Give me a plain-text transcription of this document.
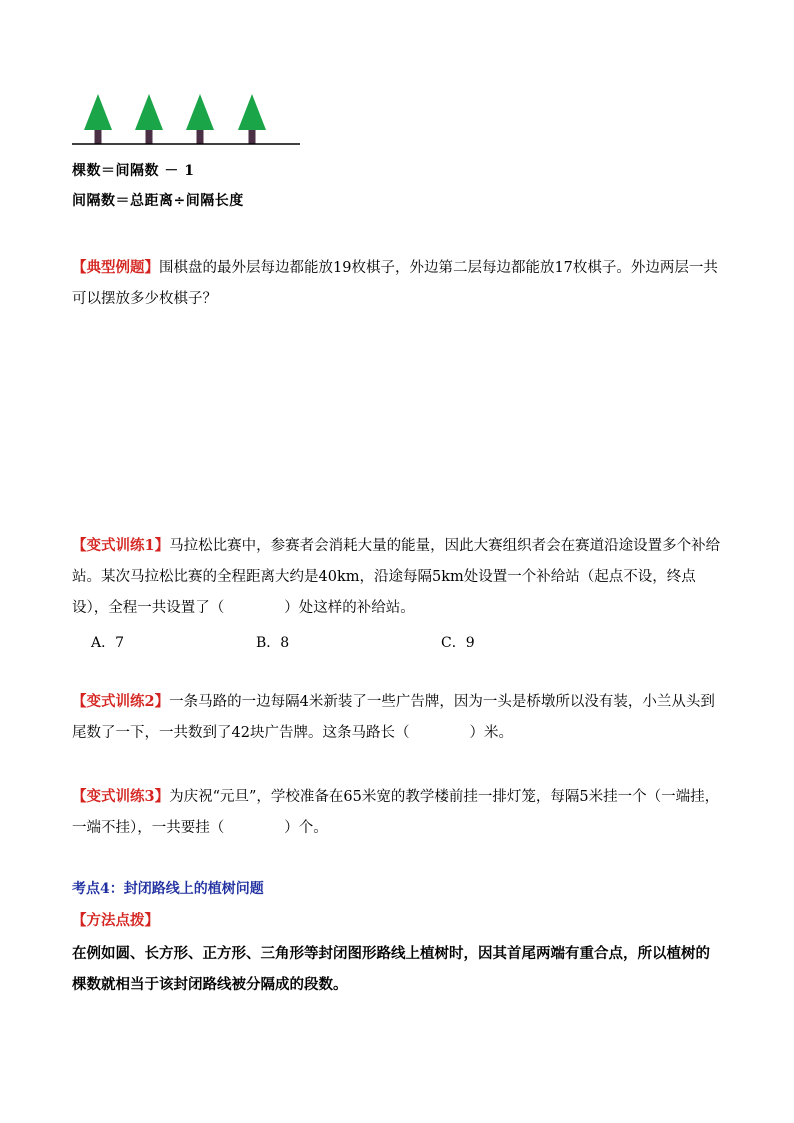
棵数＝间隔数 － 1
间隔数＝总距离÷间隔长度
【典型例题】围棋盘的最外层每边都能放19枚棋子，外边第二层每边都能放17枚棋子。外边两层一共可以摆放多少枚棋子？
【变式训练1】马拉松比赛中，参赛者会消耗大量的能量，因此大赛组织者会在赛道沿途设置多个补给站。某次马拉松比赛的全程距离大约是40km，沿途每隔5km处设置一个补给站（起点不设，终点设），全程一共设置了（	）处这样的补给站。
A．7	B．8	C．9
【变式训练2】一条马路的一边每隔4米新装了一些广告牌，因为一头是桥墩所以没有装，小兰从头到尾数了一下，一共数到了42块广告牌。这条马路长（	）米。
【变式训练3】为庆祝“元旦”，学校准备在65米宽的教学楼前挂一排灯笼，每隔5米挂一个（一端挂，一端不挂），一共要挂（	）个。
考点4：封闭路线上的植树问题
【方法点拨】
在例如圆、长方形、正方形、三角形等封闭图形路线上植树时，因其首尾两端有重合点，所以植树的棵数就相当于该封闭路线被分隔成的段数。
